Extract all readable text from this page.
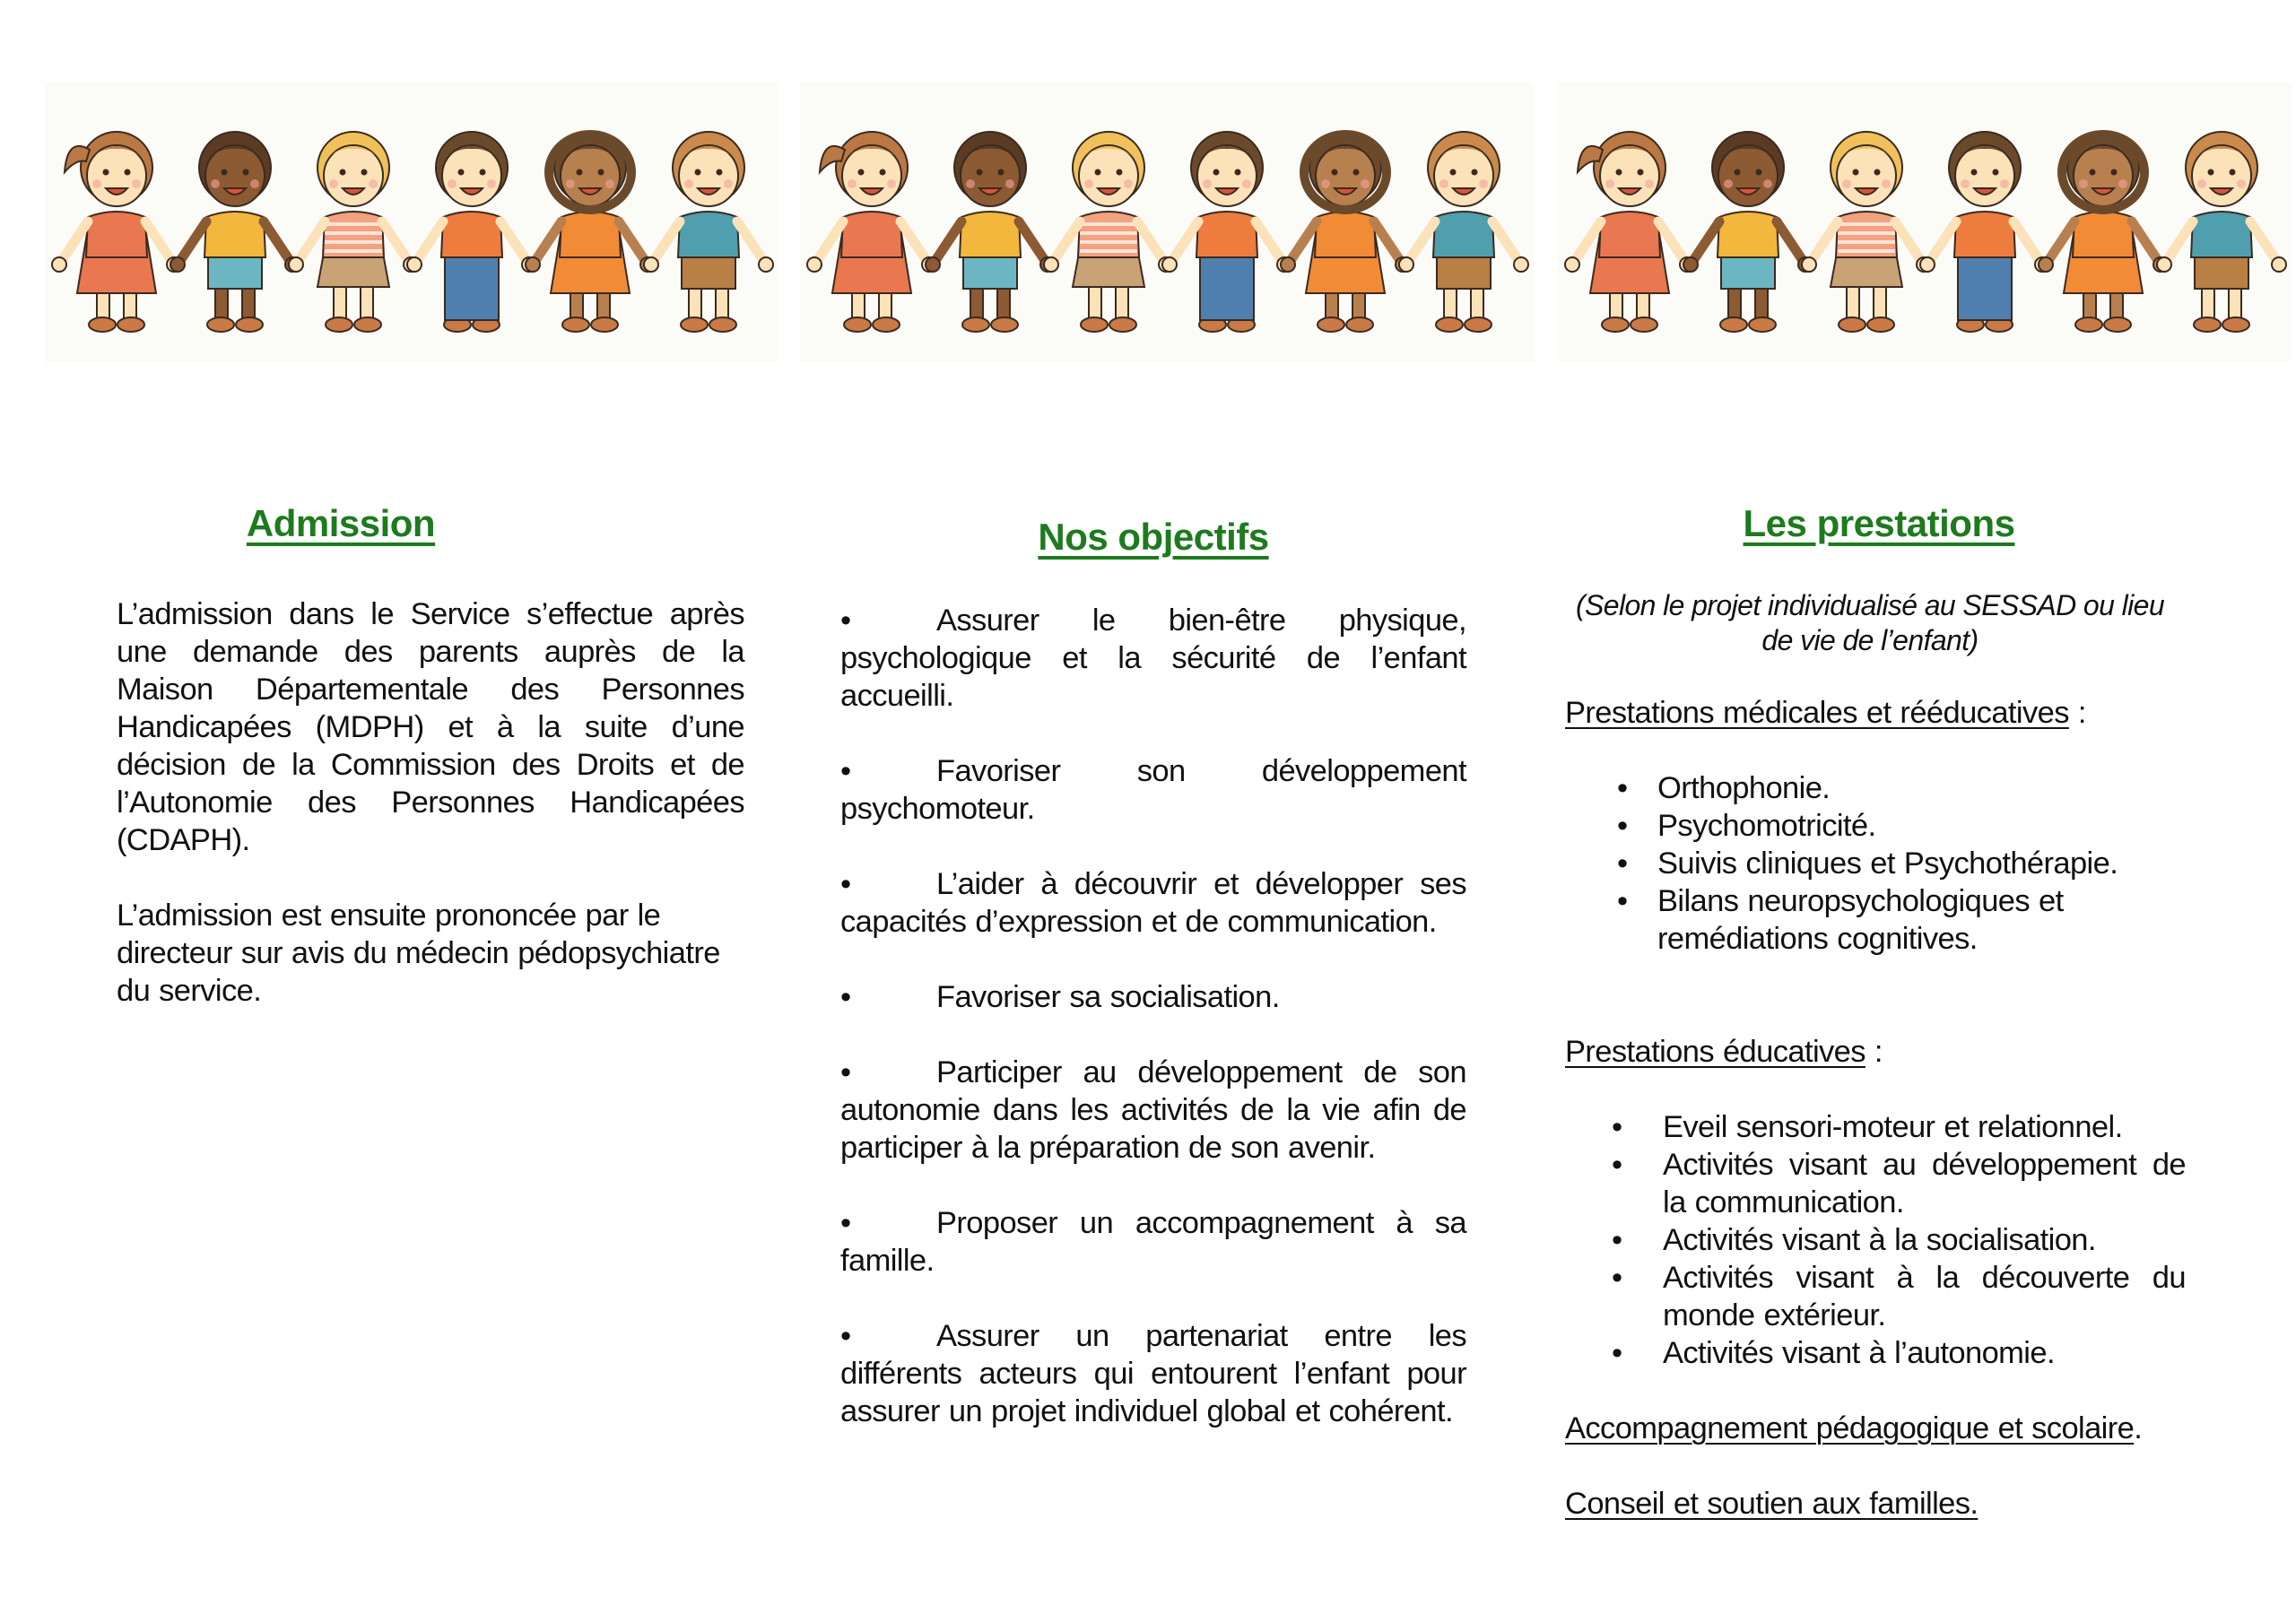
Admission

L’admission dans le Service s’effectue après une demande des parents auprès de la Maison Départementale des Personnes Handicapées (MDPH) et à la suite d’une décision de la Commission des Droits et de l’Autonomie des Personnes Handicapées (CDAPH).

L’admission est ensuite prononcée par le directeur sur avis du médecin pédopsychiatre du service.

Nos objectifs

•	Assurer le bien-être physique, psychologique et la sécurité de l’enfant accueilli.

•	Favoriser son développement psychomoteur.

•	L’aider à découvrir et développer ses capacités d’expression et de communication.

•	Favoriser sa socialisation.

•	Participer au développement de son autonomie dans les activités de la vie afin de participer à la préparation de son avenir.

•	Proposer un accompagnement à sa famille.

•	Assurer un partenariat entre les différents acteurs qui entourent l’enfant pour assurer un projet individuel global et cohérent.

Les prestations

(Selon le projet individualisé au SESSAD ou lieu de vie de l’enfant)

Prestations médicales et rééducatives :

• Orthophonie.
• Psychomotricité.
• Suivis cliniques et Psychothérapie.
• Bilans neuropsychologiques et remédiations cognitives.

Prestations éducatives :

• Eveil sensori-moteur et relationnel.
• Activités visant au développement de la communication.
• Activités visant à la socialisation.
• Activités visant à la découverte du monde extérieur.
• Activités visant à l’autonomie.

Accompagnement pédagogique et scolaire.

Conseil et soutien aux familles.
